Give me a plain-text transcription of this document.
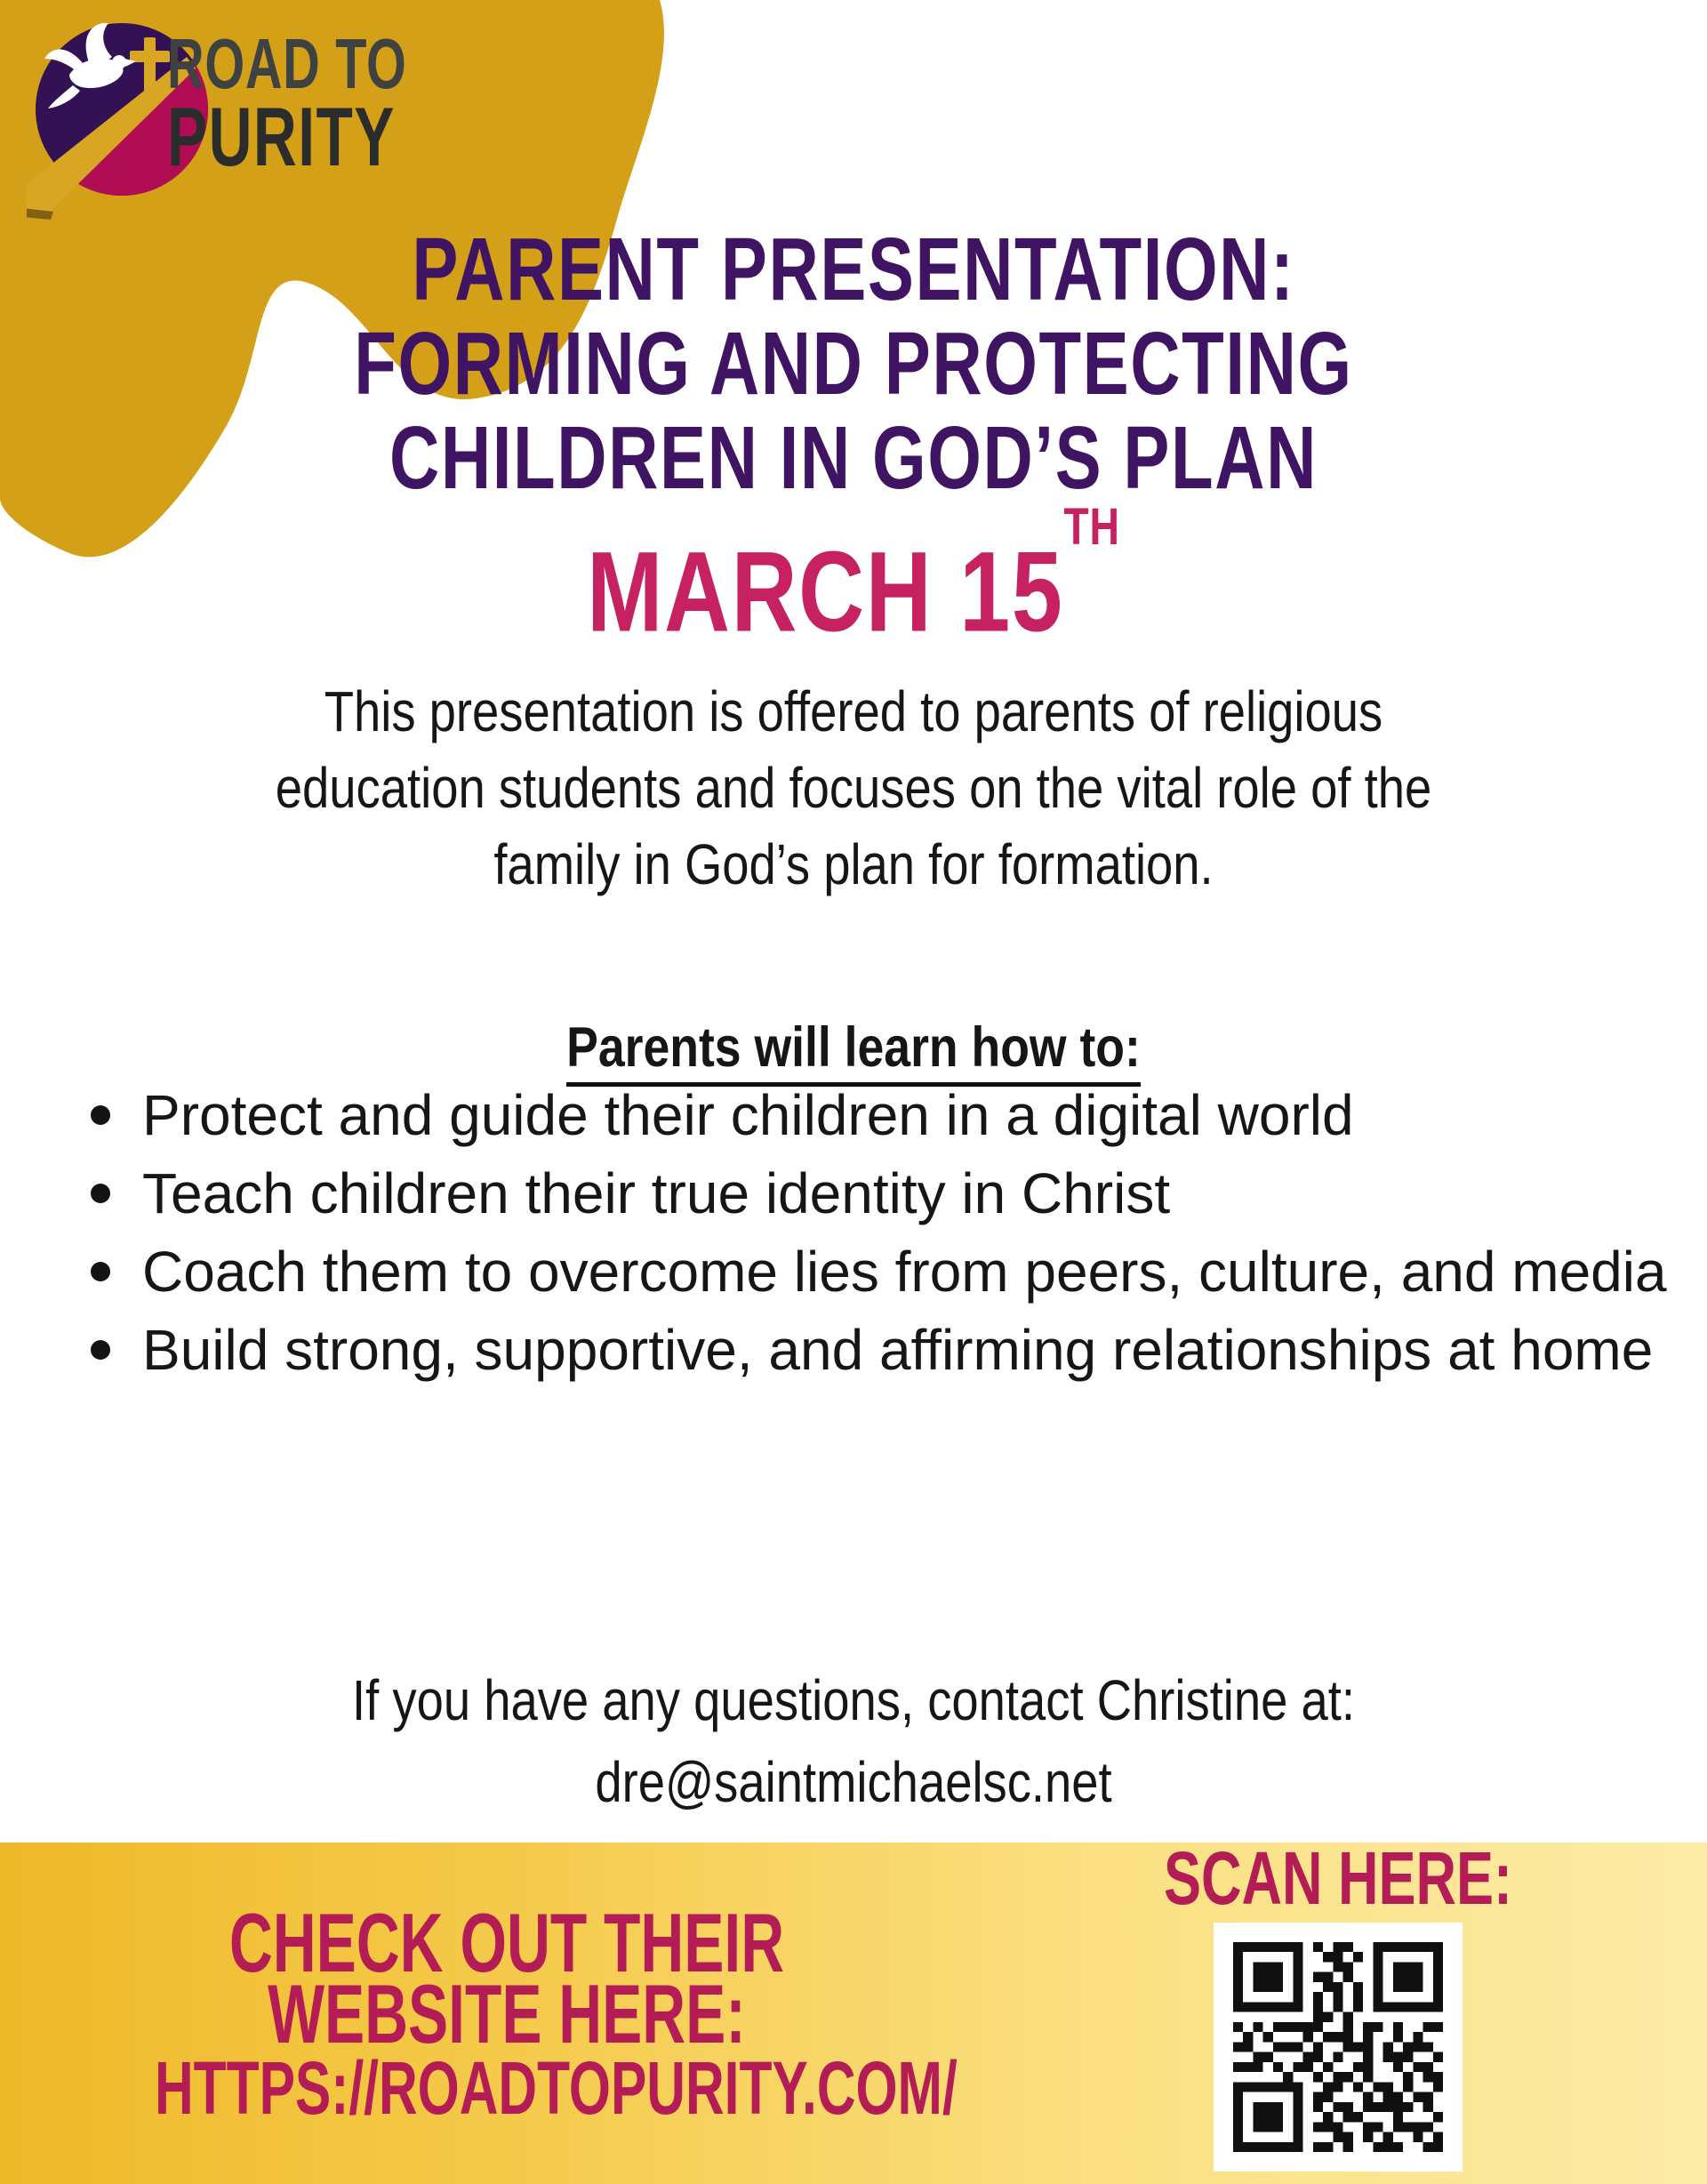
ROAD TO
PURITY
PARENT PRESENTATION:
FORMING AND PROTECTING
CHILDREN IN GOD’S PLAN
MARCH 15TH
This presentation is offered to parents of religious
education students and focuses on the vital role of the
family in God’s plan for formation.
Parents will learn how to:
Protect and guide their children in a digital world
Teach children their true identity in Christ
Coach them to overcome lies from peers, culture, and media
Build strong, supportive, and affirming relationships at home
If you have any questions, contact Christine at:
dre@saintmichaelsc.net
CHECK OUT THEIR
WEBSITE HERE:
HTTPS://ROADTOPURITY.COM/
SCAN HERE:
